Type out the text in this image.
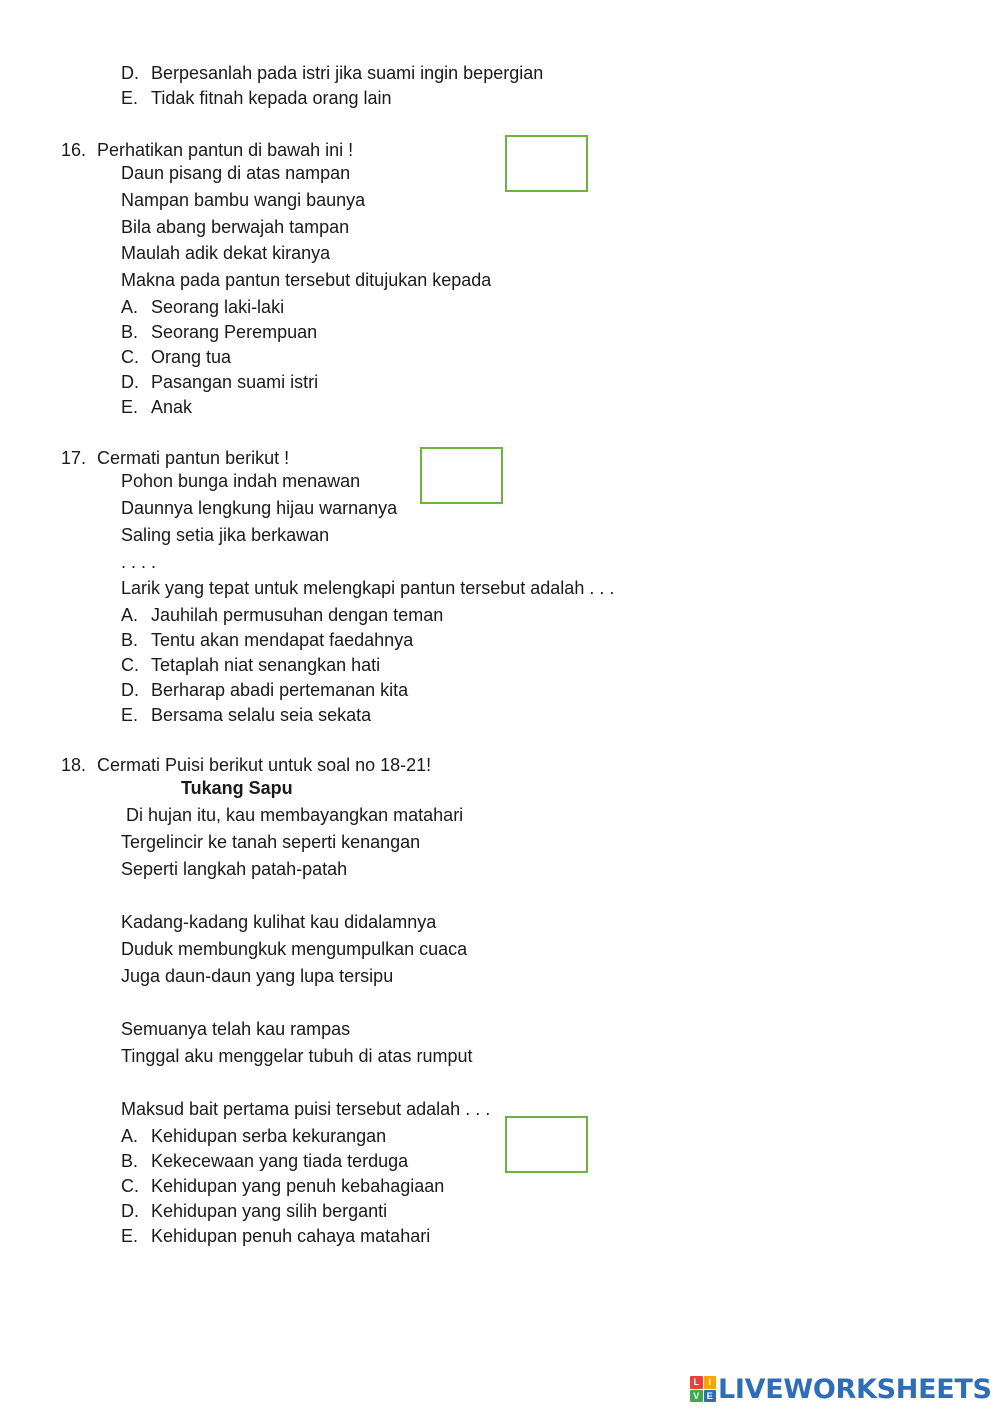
D. Berpesanlah pada istri jika suami ingin bepergian
E. Tidak fitnah kepada orang lain
16. Perhatikan pantun di bawah ini !
Daun pisang di atas nampan
Nampan bambu wangi baunya
Bila abang berwajah tampan
Maulah adik dekat kiranya
Makna pada pantun tersebut ditujukan kepada
A. Seorang laki-laki
B. Seorang Perempuan
C. Orang tua
D. Pasangan suami istri
E. Anak
17. Cermati pantun berikut !
Pohon bunga indah menawan
Daunnya lengkung hijau warnanya
Saling setia jika berkawan
. . . .
Larik yang tepat untuk melengkapi pantun tersebut adalah . . .
A. Jauhilah permusuhan dengan teman
B. Tentu akan mendapat faedahnya
C. Tetaplah niat senangkan hati
D. Berharap abadi pertemanan kita
E. Bersama selalu seia sekata
18. Cermati Puisi berikut untuk soal no 18-21!
Tukang Sapu
Di hujan itu, kau membayangkan matahari
Tergelincir ke tanah seperti kenangan
Seperti langkah patah-patah
Kadang-kadang kulihat kau didalamnya
Duduk membungkuk mengumpulkan cuaca
Juga daun-daun yang lupa tersipu
Semuanya telah kau rampas
Tinggal aku menggelar tubuh di atas rumput
Maksud bait pertama puisi tersebut adalah . . .
A. Kehidupan serba kekurangan
B. Kekecewaan yang tiada terduga
C. Kehidupan yang penuh kebahagiaan
D. Kehidupan yang silih berganti
E. Kehidupan penuh cahaya matahari
L	I
V E LIVEWORKSHEETS
